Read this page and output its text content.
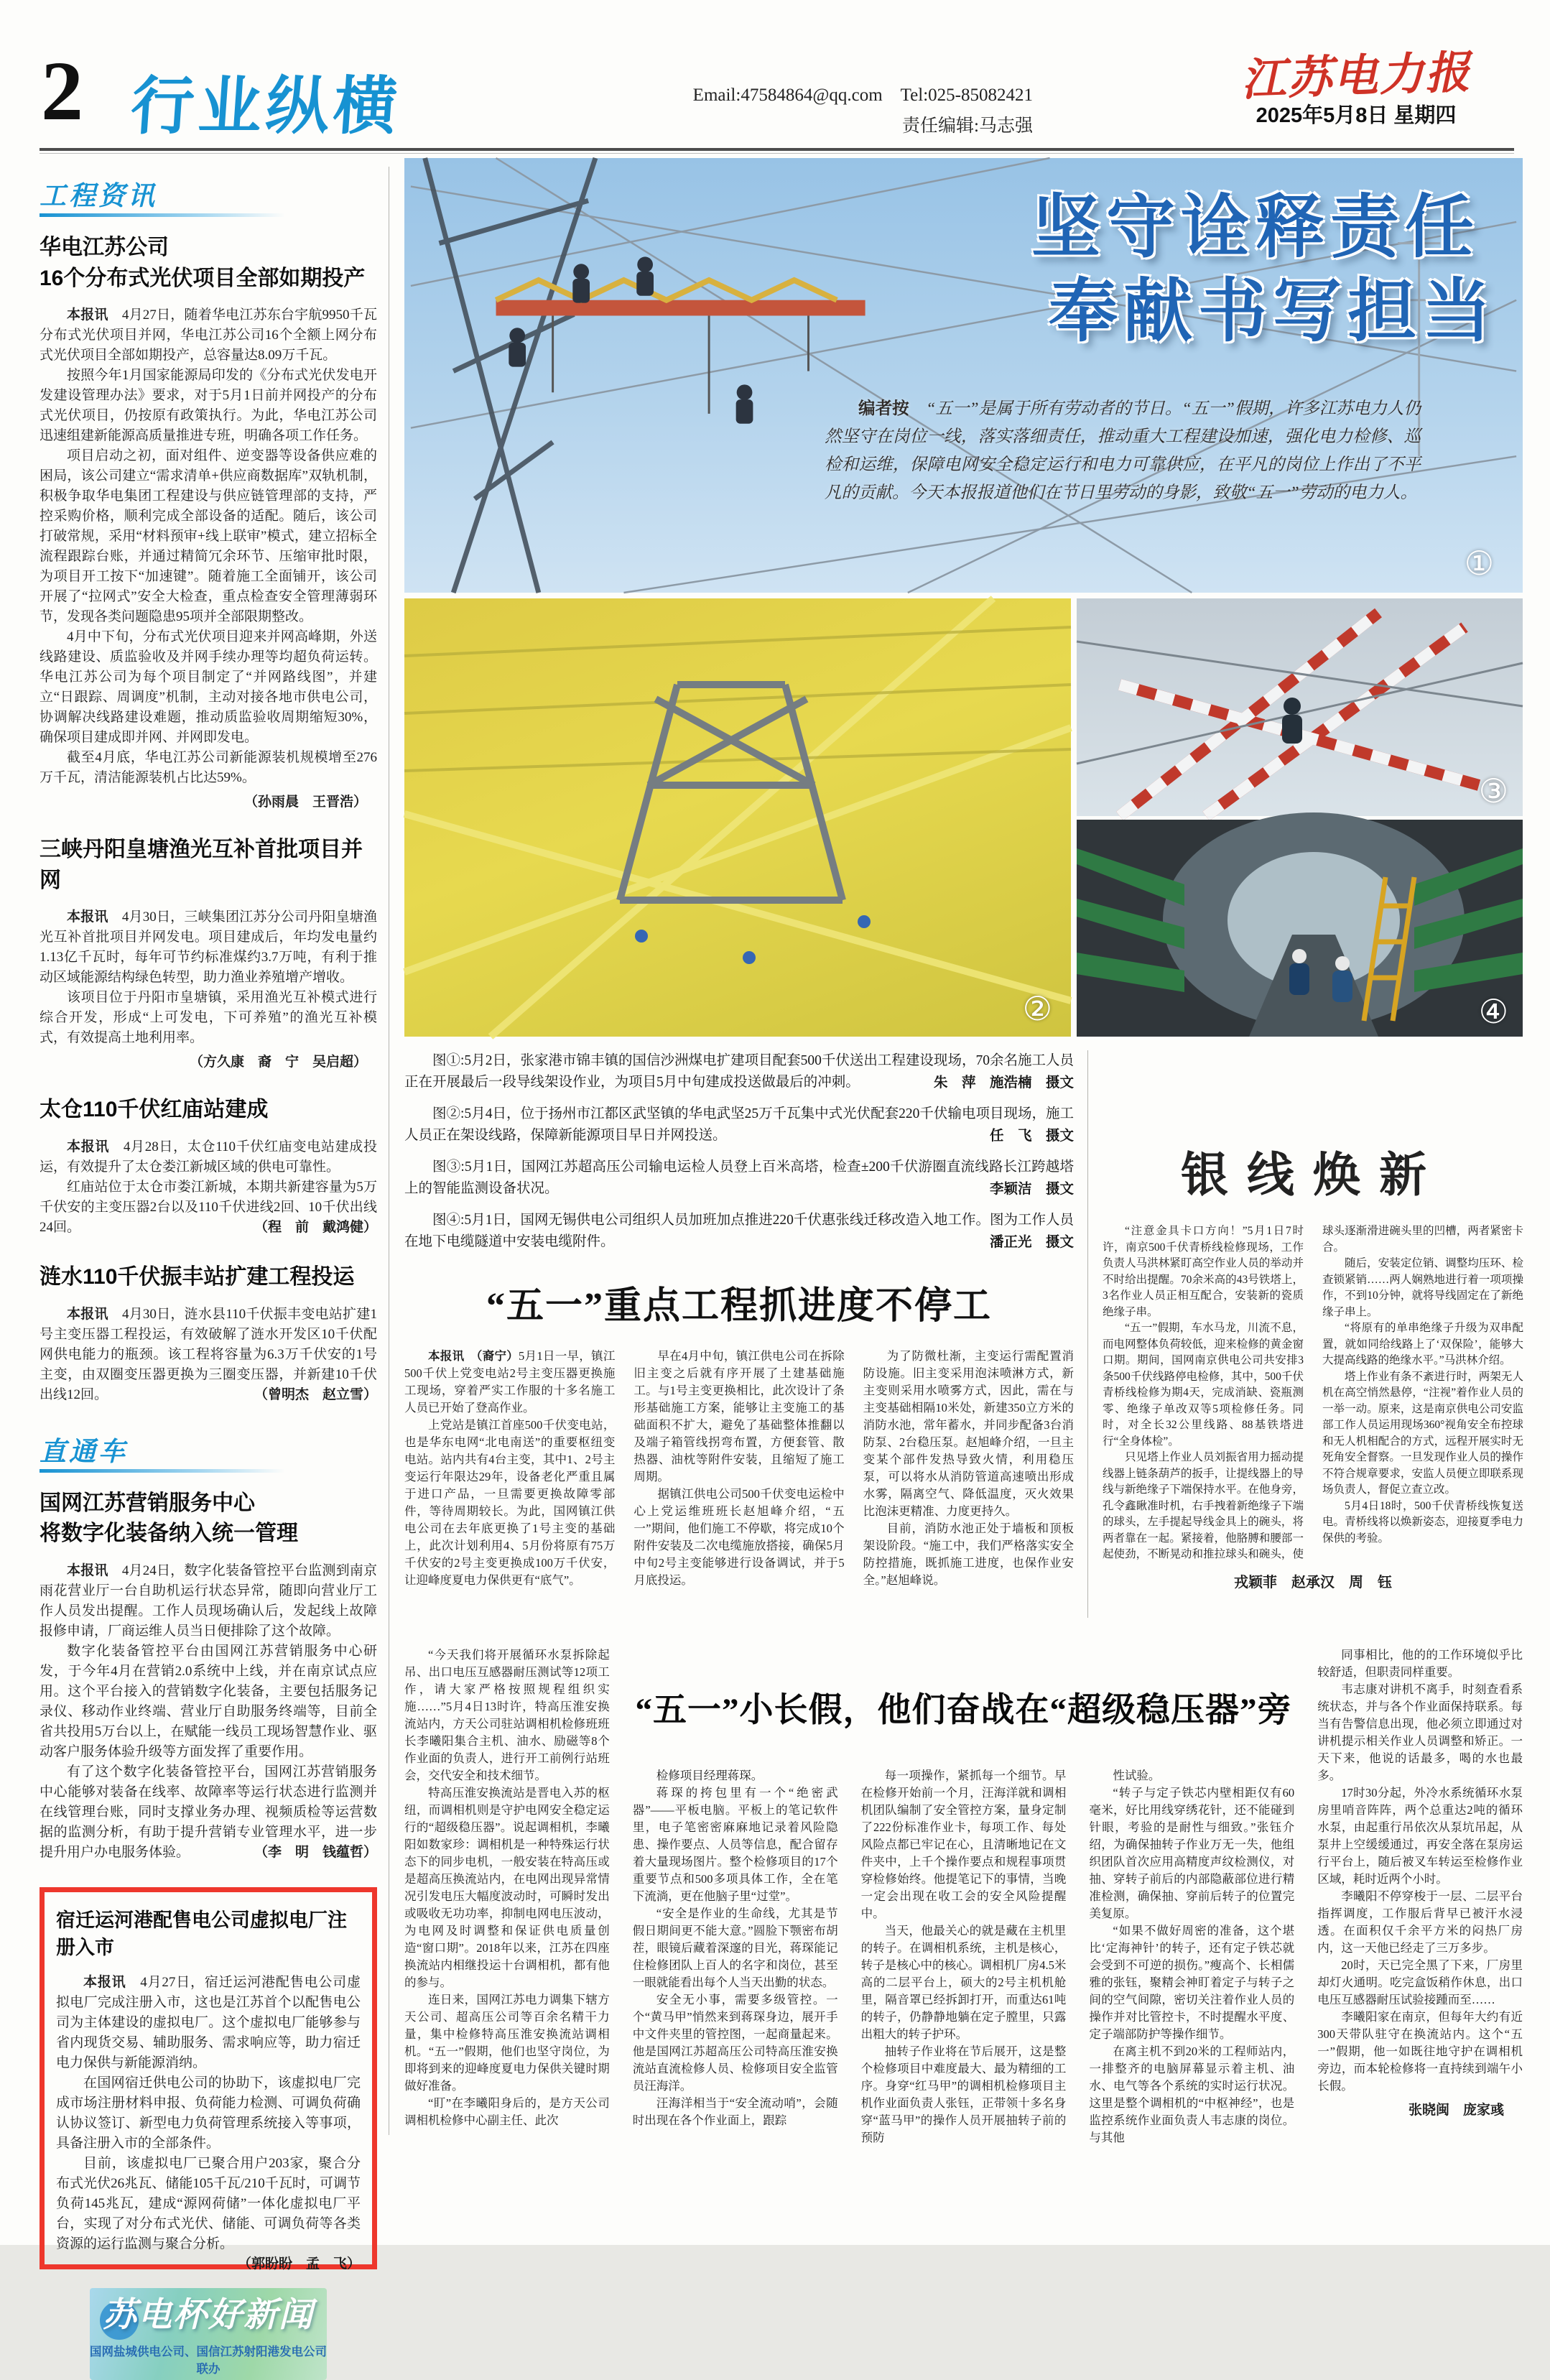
2 行业纵横	Email:47584864@qq.com　 Tel:025-85082421
责任编辑:马志强
江苏电力报
2025年5月8日 星期四
工程资讯
华电江苏公司
16个分布式光伏项目全部如期投产

本报讯　4月27日，随着华电江苏东台宇航9950千瓦分布式光伏项目并网，华电江苏公司16个全额上网分布式光伏项目全部如期投产，总容量达8.09万千瓦。

按照今年1月国家能源局印发的《分布式光伏发电开发建设管理办法》要求，对于5月1日前并网投产的分布式光伏项目，仍按原有政策执行。为此，华电江苏公司迅速组建新能源高质量推进专班，明确各项工作任务。

项目启动之初，面对组件、逆变器等设备供应难的困局，该公司建立“需求清单+供应商数据库”双轨机制，积极争取华电集团工程建设与供应链管理部的支持，严控采购价格，顺利完成全部设备的适配。随后，该公司打破常规，采用“材料预审+线上联审”模式，建立招标全流程跟踪台账，并通过精简冗余环节、压缩审批时限，为项目开工按下“加速键”。随着施工全面铺开，该公司开展了“拉网式”安全大检查，重点检查安全管理薄弱环节，发现各类问题隐患95项并全部限期整改。

4月中下旬，分布式光伏项目迎来并网高峰期，外送线路建设、质监验收及并网手续办理等均超负荷运转。华电江苏公司为每个项目制定了“并网路线图”，并建立“日跟踪、周调度”机制，主动对接各地市供电公司，协调解决线路建设难题，推动质监验收周期缩短30%，确保项目建成即并网、并网即发电。

截至4月底，华电江苏公司新能源装机规模增至276万千瓦，清洁能源装机占比达59%。

（孙雨晨　王晋浩）
三峡丹阳皇塘渔光互补首批项目并网

本报讯　4月30日，三峡集团江苏分公司丹阳皇塘渔光互补首批项目并网发电。项目建成后，年均发电量约1.13亿千瓦时，每年可节约标准煤约3.7万吨，有利于推动区域能源结构绿色转型，助力渔业养殖增产增收。

该项目位于丹阳市皇塘镇，采用渔光互补模式进行综合开发，形成“上可发电，下可养殖”的渔光互补模式，有效提高土地利用率。

（方久康　裔　宁　吴启超）
太仓110千伏红庙站建成

本报讯　4月28日，太仓110千伏红庙变电站建成投运，有效提升了太仓娄江新城区域的供电可靠性。

红庙站位于太仓市娄江新城，本期共新建容量为5万千伏安的主变压器2台以及110千伏进线2回、10千伏出线24回。	（程　前　戴鸿健）

涟水110千伏振丰站扩建工程投运

本报讯　4月30日，涟水县110千伏振丰变电站扩建1号主变压器工程投运，有效破解了涟水开发区10千伏配网供电能力的瓶颈。该工程将容量为6.3万千伏安的1号主变，由双圈变压器更换为三圈变压器，并新建10千伏出线12回。	（曾明杰　赵立雪）

直通车
国网江苏营销服务中心
将数字化装备纳入统一管理

本报讯　4月24日，数字化装备管控平台监测到南京雨花营业厅一台自助机运行状态异常，随即向营业厅工作人员发出提醒。工作人员现场确认后，发起线上故障报修申请，厂商运维人员当日便排除了这个故障。

数字化装备管控平台由国网江苏营销服务中心研发，于今年4月在营销2.0系统中上线，并在南京试点应用。这个平台接入的营销数字化装备，主要包括服务记录仪、移动作业终端、营业厅自助服务终端等，目前全省共投用5万台以上，在赋能一线员工现场智慧作业、驱动客户服务体验升级等方面发挥了重要作用。

有了这个数字化装备管控平台，国网江苏营销服务中心能够对装备在线率、故障率等运行状态进行监测并在线管理台账，同时支撑业务办理、视频质检等运营数据的监测分析，有助于提升营销专业管理水平，进一步提升用户办电服务体验。	（李　明　钱蕴哲）

宿迁运河港配售电公司虚拟电厂注册入市

本报讯　4月27日，宿迁运河港配售电公司虚拟电厂完成注册入市，这也是江苏首个以配售电公司为主体建设的虚拟电厂。这个虚拟电厂能够参与省内现货交易、辅助服务、需求响应等，助力宿迁电力保供与新能源消纳。

在国网宿迁供电公司的协助下，该虚拟电厂完成市场注册材料申报、负荷能力检测、可调负荷确认协议签订、新型电力负荷管理系统接入等事项，具备注册入市的全部条件。

目前，该虚拟电厂已聚合用户203家，聚合分布式光伏26兆瓦、储能105千瓦/210千瓦时，可调节负荷145兆瓦，建成“源网荷储”一体化虚拟电厂平台，实现了对分布式光伏、储能、可调负荷等各类资源的运行监测与聚合分析。
（郭盼盼　孟　飞）

苏电杯好新闻
国网盐城供电公司、国信江苏射阳港发电公司联办
坚守诠释责任
奉献书写担当
编者按　 “五一”是属于所有劳动者的节日。“五一”假期，许多江苏电力人仍然坚守在岗位一线，落实落细责任，推动重大工程建设加速，强化电力检修、巡检和运维，保障电网安全稳定运行和电力可靠供应，在平凡的岗位上作出了不平凡的贡献。今天本报报道他们在节日里劳动的身影，致敬“五一”劳动的电力人。
①
②
③
④

图①:5月2日，张家港市锦丰镇的国信沙洲煤电扩建项目配套500千伏送出工程建设现场，70余名施工人员正在开展最后一段导线架设作业，为项目5月中旬建成投送做最后的冲刺。	朱　萍　施浩楠　摄文

图②:5月4日，位于扬州市江都区武坚镇的华电武坚25万千瓦集中式光伏配套220千伏输电项目现场，施工人员正在架设线路，保障新能源项目早日并网投送。	任　飞　摄文

图③:5月1日，国网江苏超高压公司输电运检人员登上百米高塔，检查±200千伏游圈直流线路长江跨越塔上的智能监测设备状况。	李颖洁　摄文

图④:5月1日，国网无锡供电公司组织人员加班加点推进220千伏惠张线迁移改造入地工作。图为工作人员在地下电缆隧道中安装电缆附件。	潘正光　摄文

银线焕新

“注意金具卡口方向！”5月1日7时许，南京500千伏青桥线检修现场，工作负责人马洪林紧盯高空作业人员的举动并不时给出提醒。70余米高的43号铁塔上，3名作业人员正相互配合，安装新的瓷质绝缘子串。

“五一”假期，车水马龙，川流不息，而电网整体负荷较低，迎来检修的黄金窗口期。期间，国网南京供电公司共安排3条500千伏线路停电检修，其中，500千伏青桥线检修为期4天，完成消缺、瓷瓶测零、绝缘子单改双等5项检修任务。同时，对全长32公里线路、88基铁塔进行“全身体检”。

只见塔上作业人员刘振省用力摇动提线器上链条葫芦的扳手，让提线器上的导线与新绝缘子下端保持水平。在他身旁，孔令鑫瞅准时机，右手拽着新绝缘子下端的球头，左手提起导线金具上的碗头，将两者靠在一起。紧接着，他胳膊和腰部一起使劲，不断晃动和推拉球头和碗头，使球头逐渐滑进碗头里的凹槽，两者紧密卡合。

随后，安装定位销、调整均压环、检查锁紧销……两人娴熟地进行着一项项操作，不到10分钟，就将导线固定在了新绝缘子串上。

“将原有的单串绝缘子升级为双串配置，就如同给线路上了‘双保险’，能够大大提高线路的绝缘水平。”马洪林介绍。

塔上作业有条不紊进行时，两架无人机在高空悄然悬停，“注视”着作业人员的一举一动。原来，这是南京供电公司安监部工作人员运用现场360°视角安全布控球和无人机相配合的方式，远程开展实时无死角安全督察。一旦发现作业人员的操作不符合规章要求，安监人员便立即联系现场负责人，督促立查立改。

5月4日18时，500千伏青桥线恢复送电。青桥线将以焕新姿态，迎接夏季电力保供的考验。

戎颖菲　赵承汉　周　钰
“五一”重点工程抓进度不停工

本报讯　（裔宁）5月1日一早，镇江500千伏上党变电站2号主变压器更换施工现场，穿着严实工作服的十多名施工人员已开始了登高作业。

上党站是镇江首座500千伏变电站，也是华东电网“北电南送”的重要枢纽变电站。站内共有4台主变，其中1、2号主变运行年限达29年，设备老化严重且属于进口产品，一旦需要更换故障零部件，等待周期较长。为此，国网镇江供电公司在去年底更换了1号主变的基础上，此次计划利用4、5月份将原有75万千伏安的2号主变更换成100万千伏安，让迎峰度夏电力保供更有“底气”。

早在4月中旬，镇江供电公司在拆除旧主变之后就有序开展了土建基础施工。与1号主变更换相比，此次设计了条形基础施工方案，能够让主变施工的基础面积不扩大，避免了基础整体推翻以及端子箱管线拐弯布置，方便套管、散热器、油枕等附件安装，且缩短了施工周期。

据镇江供电公司500千伏变电运检中心上党运维班班长赵旭峰介绍，“五一”期间，他们施工不停歇，将完成10个附件安装及二次电缆施放搭接，确保5月中旬2号主变能够进行设备调试，并于5月底投运。

为了防微杜渐，主变运行需配置消防设施。旧主变采用泡沫喷淋方式，新主变则采用水喷雾方式，因此，需在与主变基础相隔10米处，新建350立方米的消防水池，常年蓄水，并同步配备3台消防泵、2台稳压泵。赵旭峰介绍，一旦主变某个部件发热导致火情，利用稳压泵，可以将水从消防管道高速喷出形成水雾，隔离空气、降低温度，灭火效果比泡沫更精准、力度更持久。

目前，消防水池正处于墙板和顶板架设阶段。“施工中，我们严格落实安全防控措施，既抓施工进度，也保作业安全。”赵旭峰说。

“今天我们将开展循环水泵拆除起吊、出口电压互感器耐压测试等12项工作，请大家严格按照规程组织实施……”5月4日13时许，特高压淮安换流站内，方天公司驻站调相机检修班班长李曦阳集合主机、油水、励磁等8个作业面的负责人，进行开工前例行站班会，交代安全和技术细节。

特高压淮安换流站是晋电入苏的枢纽，而调相机则是守护电网安全稳定运行的“超级稳压器”。说起调相机，李曦阳如数家珍：调相机是一种特殊运行状态下的同步电机，一般安装在特高压或是超高压换流站内，在电网出现异常情况引发电压大幅度波动时，可瞬时发出或吸收无功功率，抑制电网电压波动，为电网及时调整和保证供电质量创造“窗口期”。2018年以来，江苏在四座换流站内相继投运十台调相机，都有他的参与。

连日来，国网江苏电力调集下辖方天公司、超高压公司等百余名精干力量，集中检修特高压淮安换流站调相机。“五一”假期，他们也坚守岗位，为即将到来的迎峰度夏电力保供关键时期做好准备。

“盯”在李曦阳身后的，是方天公司调相机检修中心副主任、此次

“五一”小长假，他们奋战在“超级稳压器”旁

检修项目经理蒋琛。

蒋琛的挎包里有一个“绝密武器”——平板电脑。平板上的笔记软件里，电子笔密密麻麻地记录着风险隐患、操作要点、人员等信息，配合留存着大量现场图片。整个检修项目的17个重要节点和500多项具体工作，全在笔下流淌，更在他脑子里“过堂”。

“安全是作业的生命线，尤其是节假日期间更不能大意。”圆脸下颚密布胡茬，眼镜后藏着深邃的目光，蒋琛能记住检修团队上百人的名字和岗位，甚至一眼就能看出每个人当天出勤的状态。

安全无小事，需要多级管控。一个“黄马甲”悄然来到蒋琛身边，展开手中文件夹里的管控图，一起商量起来。他是国网江苏超高压公司特高压淮安换流站直流检修人员、检修项目安全监管员汪海洋。

汪海洋相当于“安全流动哨”，会随时出现在各个作业面上，跟踪

每一项操作，紧抓每一个细节。早在检修开始前一个月，汪海洋就和调相机团队编制了安全管控方案，量身定制了222份标准作业卡，每项工作、每处风险点都已牢记在心，且清晰地记在文件夹中，上千个操作要点和规程事项贯穿检修始终。他提笔记下的事情，当晚一定会出现在收工会的安全风险提醒中。

当天，他最关心的就是藏在主机里的转子。在调相机系统，主机是核心，转子是核心中的核心。调相机厂房4.5米高的二层平台上，硕大的2号主机机舱里，隔音罩已经拆卸打开，而重达61吨的转子，仍静静地躺在定子膛里，只露出粗大的转子护环。

抽转子作业将在节后展开，这是整个检修项目中难度最大、最为精细的工序。身穿“红马甲”的调相机检修项目主机作业面负责人张钰，正带领十多名身穿“蓝马甲”的操作人员开展抽转子前的预防

性试验。

“转子与定子铁芯内壁相距仅有60毫米，好比用线穿绣花针，还不能碰到针眼，考验的是耐性与细致。”张钰介绍，为确保抽转子作业万无一失，他组织团队首次应用高精度声纹检测仪，对抽、穿转子前后的内部隐蔽部位进行精准检测，确保抽、穿前后转子的位置完美复原。

“如果不做好周密的准备，这个堪比‘定海神针’的转子，还有定子铁芯就会受到不可逆的损伤。”瘦高个、长相儒雅的张钰，聚精会神盯着定子与转子之间的空气间隙，密切关注着作业人员的操作并对比管控卡，不时提醒水平度、定子端部防护等操作细节。

在离主机不到20米的工程师站内，一排整齐的电脑屏幕显示着主机、油水、电气等各个系统的实时运行状况。这里是整个调相机的“中枢神经”，也是监控系统作业面负责人韦志康的岗位。与其他

同事相比，他的的工作环境似乎比较舒适，但职责同样重要。

韦志康对讲机不离手，时刻查看系统状态，并与各个作业面保持联系。每当有告警信息出现，他必须立即通过对讲机提示相关作业人员调整和矫正。一天下来，他说的话最多，喝的水也最多。

17时30分起，外冷水系统循环水泵房里哨音阵阵，两个总重达2吨的循环水泵，由起重行吊依次从泵坑吊起，从泵井上空缓缓通过，再安全落在泵房运行平台上，随后被叉车转运至检修作业区域，耗时近两个小时。

李曦阳不停穿梭于一层、二层平台指挥调度，工作服后背早已被汗水浸透。在面积仅千余平方米的闷热厂房内，这一天他已经走了三万多步。

20时，天已完全黑了下来，厂房里却灯火通明。吃完盒饭稍作休息，出口电压互感器耐压试验接踵而至……

李曦阳家在南京，但每年大约有近300天带队驻守在换流站内。这个“五一”假期，他一如既往地守护在调相机旁边，而本轮检修将一直持续到端午小长假。

张晓闽　庞家彧
